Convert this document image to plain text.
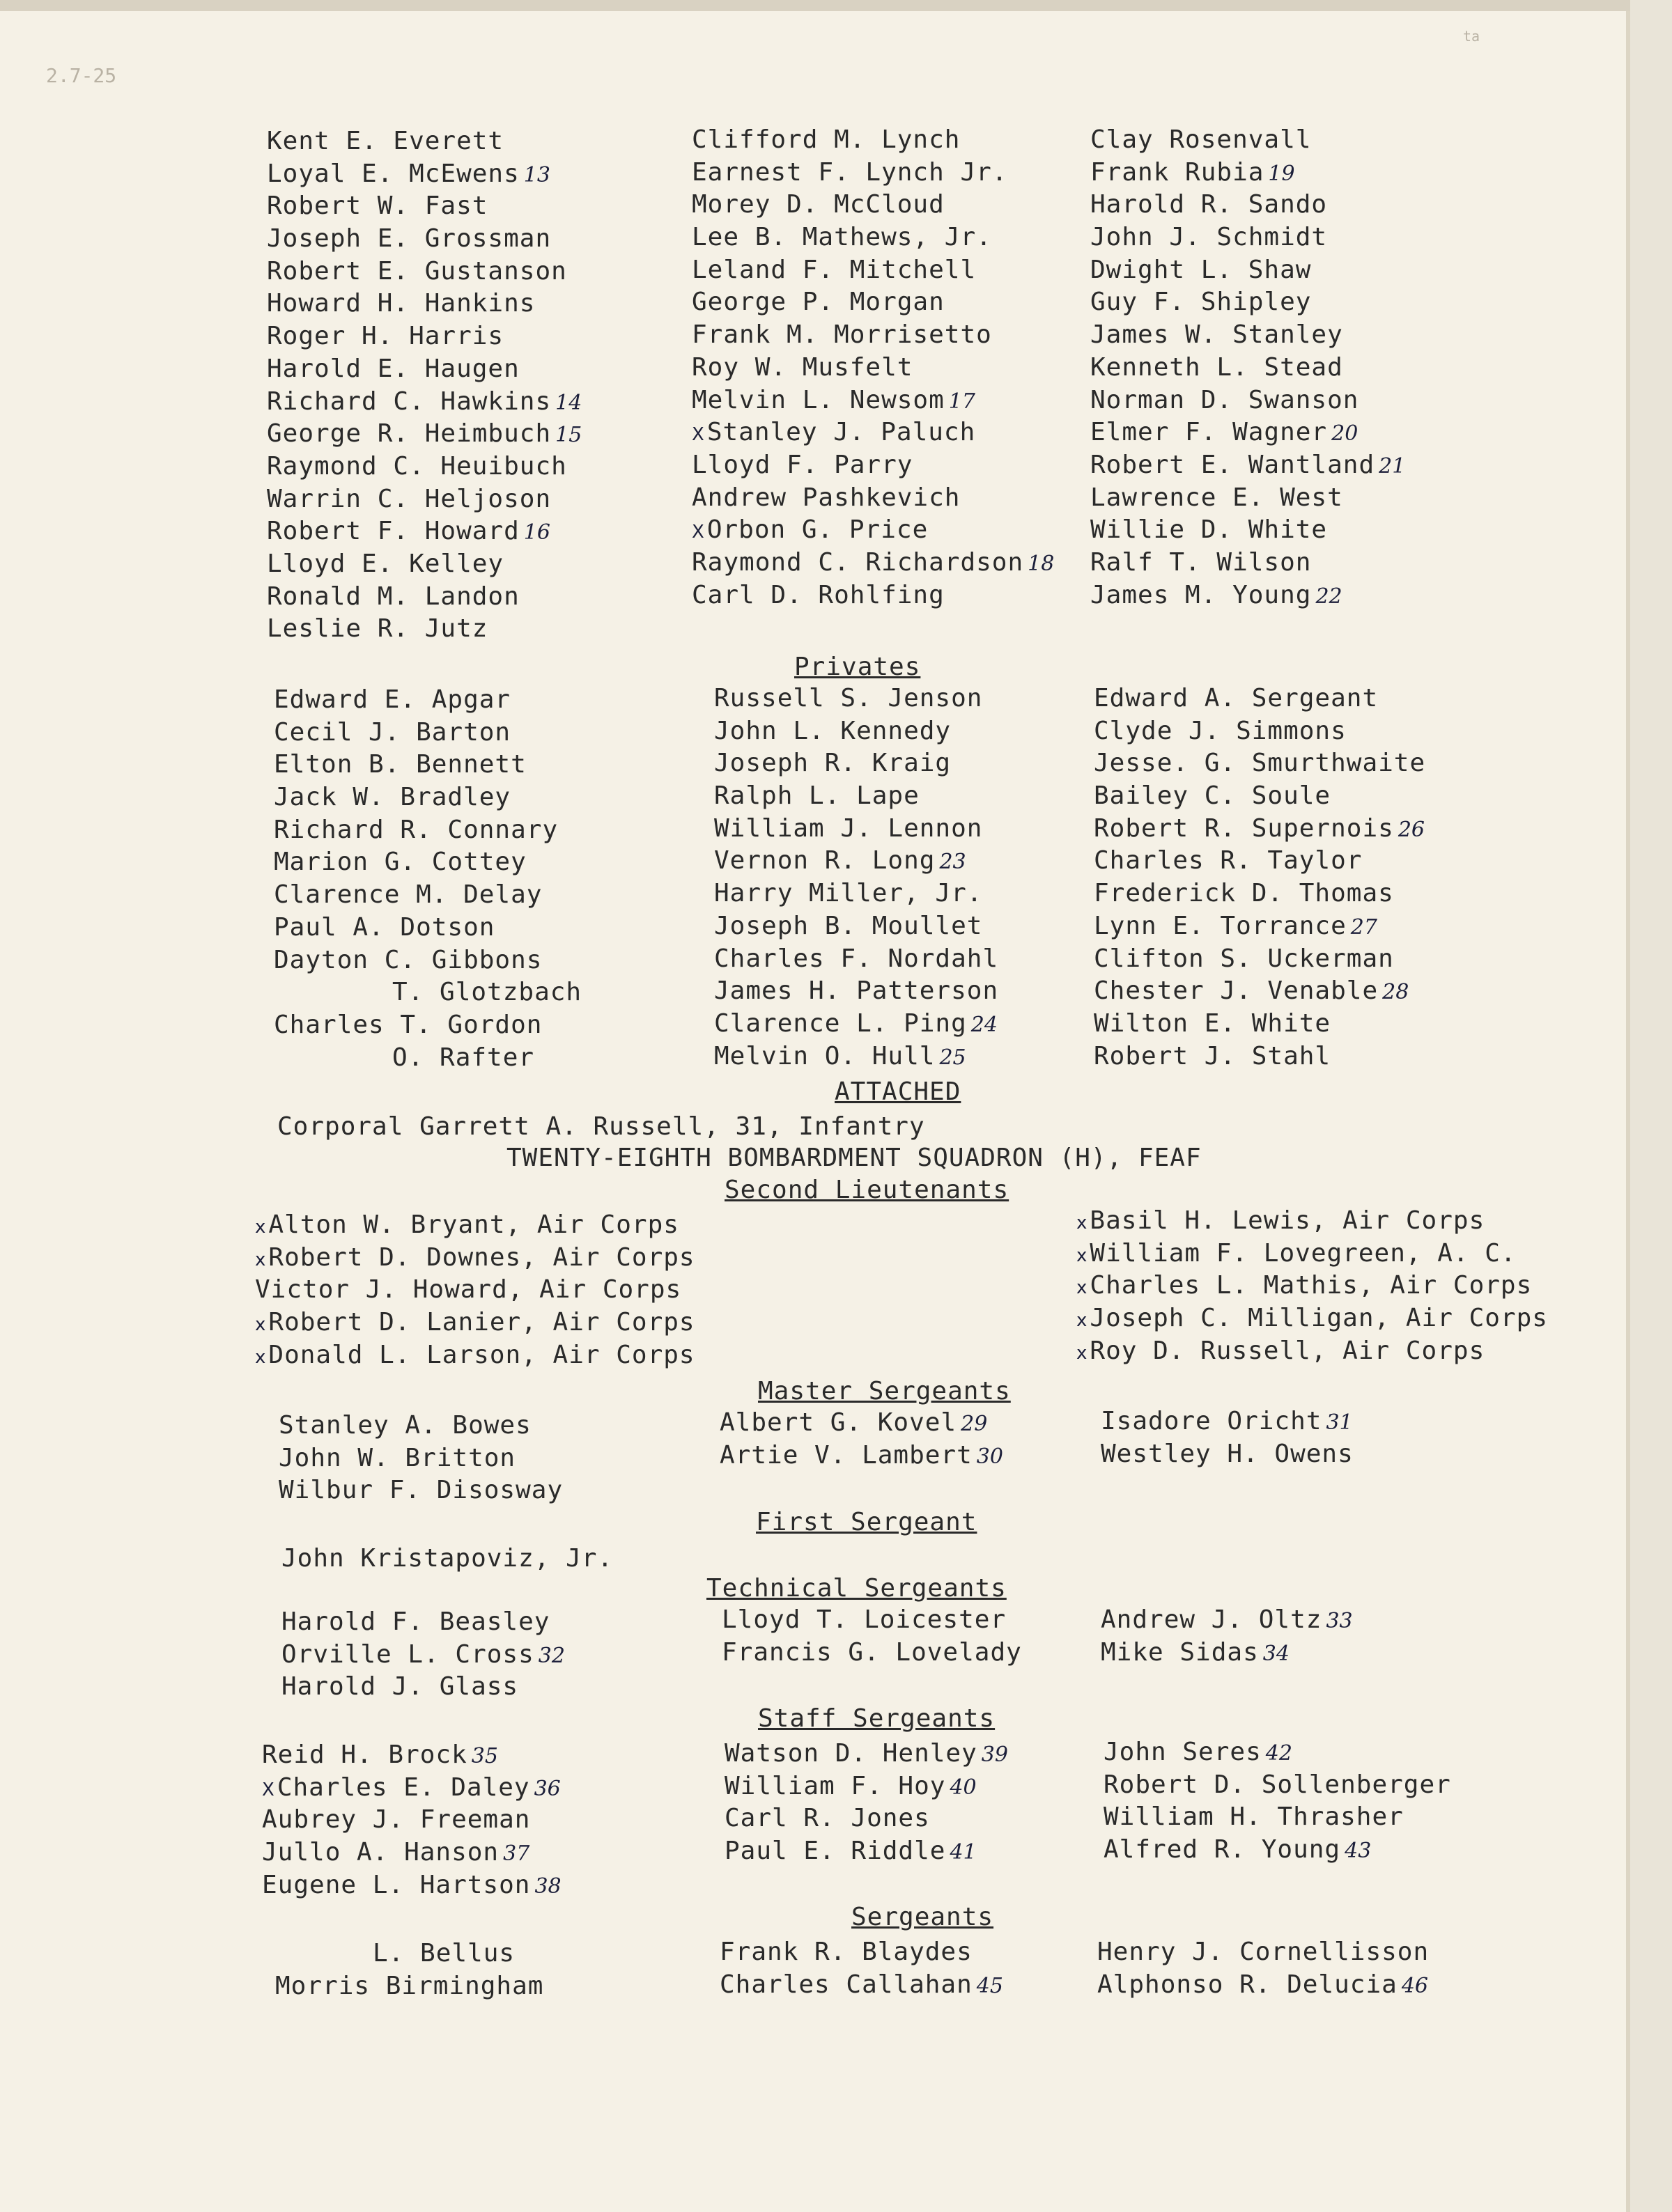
2.7-25
ta
Kent E. Everett
Loyal E. McEwens 13
Robert W. Fast
Joseph E. Grossman
Robert E. Gustanson
Howard H. Hankins
Roger H. Harris
Harold E. Haugen
Richard C. Hawkins 14
George R. Heimbuch 15
Raymond C. Heuibuch
Warrin C. Heljoson
Robert F. Howard 16
Lloyd E. Kelley
Ronald M. Landon
Leslie R. Jutz
Clifford M. Lynch
Earnest F. Lynch Jr.
Morey D. McCloud
Lee B. Mathews, Jr.
Leland F. Mitchell
George P. Morgan
Frank M. Morrisetto
Roy W. Musfelt
Melvin L. Newsom 17
X Stanley J. Paluch
Lloyd F. Parry
Andrew Pashkevich
X Orbon G. Price
Raymond C. Richardson 18
Carl D. Rohlfing
Clay Rosenvall
Frank Rubia 19
Harold R. Sando
John J. Schmidt
Dwight L. Shaw
Guy F. Shipley
James W. Stanley
Kenneth L. Stead
Norman D. Swanson
Elmer F. Wagner 20
Robert E. Wantland 21
Lawrence E. West
Willie D. White
Ralf T. Wilson
James M. Young 22
Privates
Edward E. Apgar
Cecil J. Barton
Elton B. Bennett
Jack W. Bradley
Richard R. Connary
Marion G. Cottey
Clarence M. Delay
Paul A. Dotson
Dayton C. Gibbons
T. Glotzbach
Charles T. Gordon
O. Rafter
Russell S. Jenson
John L. Kennedy
Joseph R. Kraig
Ralph L. Lape
William J. Lennon
Vernon R. Long 23
Harry Miller, Jr.
Joseph B. Moullet
Charles F. Nordahl
James H. Patterson
Clarence L. Ping 24
Melvin O. Hull 25
Edward A. Sergeant
Clyde J. Simmons
Jesse. G. Smurthwaite
Bailey C. Soule
Robert R. Supernois 26
Charles R. Taylor
Frederick D. Thomas
Lynn E. Torrance 27
Clifton S. Uckerman
Chester J. Venable 28
Wilton E. White
Robert J. Stahl
ATTACHED
Corporal Garrett A. Russell, 31, Infantry
TWENTY-EIGHTH BOMBARDMENT SQUADRON (H), FEAF
Second Lieutenants
x Alton W. Bryant, Air Corps
x Robert D. Downes, Air Corps
Victor J. Howard, Air Corps
x Robert D. Lanier, Air Corps
x Donald L. Larson, Air Corps
x Basil H. Lewis, Air Corps
x William F. Lovegreen, A. C.
x Charles L. Mathis, Air Corps
x Joseph C. Milligan, Air Corps
x Roy D. Russell, Air Corps
Master Sergeants
Stanley A. Bowes
John W. Britton
Wilbur F. Disosway
Albert G. Kovel 29
Artie V. Lambert 30
Isadore Oricht 31
Westley H. Owens
First Sergeant
John Kristapoviz, Jr.
Technical Sergeants
Harold F. Beasley
Orville L. Cross 32
Harold J. Glass
Lloyd T. Loicester
Francis G. Lovelady
Andrew J. Oltz 33
Mike Sidas 34
Staff Sergeants
Reid H. Brock 35
X Charles E. Daley 36
Aubrey J. Freeman
Jullo A. Hanson 37
Eugene L. Hartson 38
Watson D. Henley 39
William F. Hoy 40
Carl R. Jones
Paul E. Riddle 41
John Seres 42
Robert D. Sollenberger
William H. Thrasher
Alfred R. Young 43
Sergeants
L. Bellus
Morris Birmingham
Frank R. Blaydes
Charles Callahan 45
Henry J. Cornellisson
Alphonso R. Delucia 46
